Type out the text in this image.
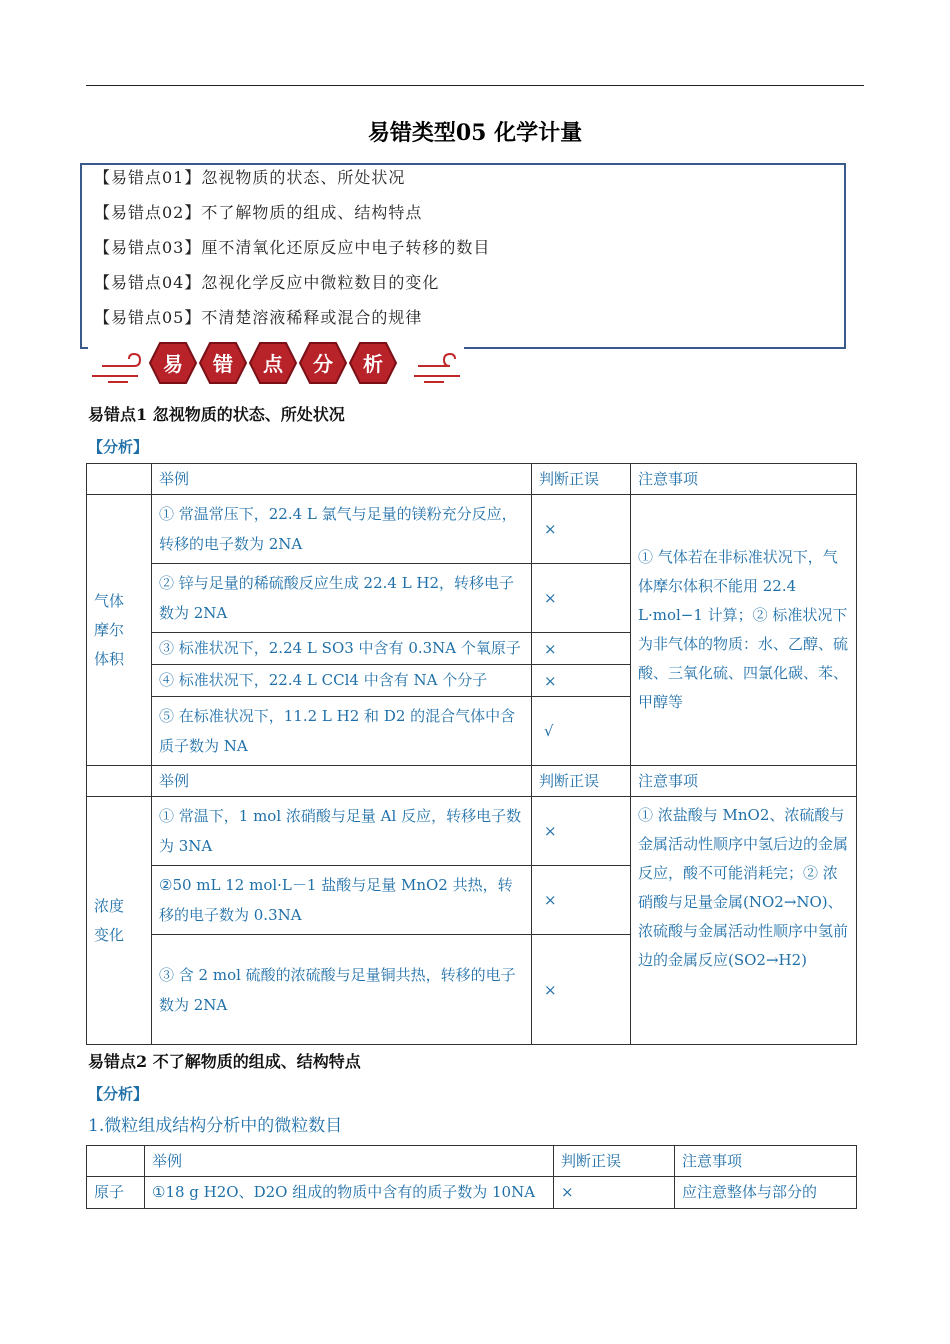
易错类型05 化学计量
【易错点01】忽视物质的状态、所处状况
【易错点02】不了解物质的组成、结构特点
【易错点03】厘不清氧化还原反应中电子转移的数目
【易错点04】忽视化学反应中微粒数目的变化
【易错点05】不清楚溶液稀释或混合的规律
易 错 点 分 析
易错点1 忽视物质的状态、所处状况
【分析】
	举例	判断正误	注意事项
气体摩尔体积	① 常温常压下，22.4 L 氯气与足量的镁粉充分反应，转移的电子数为 2NA	×	① 气体若在非标准状况下，气体摩尔体积不能用 22.4 L·mol−1 计算；② 标准状况下为非气体的物质：水、乙醇、硫酸、三氧化硫、四氯化碳、苯、甲醇等
	② 锌与足量的稀硫酸反应生成 22.4 L H2，转移电子数为 2NA	×	
	③ 标准状况下，2.24 L SO3 中含有 0.3NA 个氧原子	×	
	④ 标准状况下，22.4 L CCl4 中含有 NA 个分子	×	
	⑤ 在标准状况下，11.2 L H2 和 D2 的混合气体中含质子数为 NA	√	
	举例	判断正误	注意事项
浓度变化	① 常温下，1 mol 浓硝酸与足量 Al 反应，转移电子数为 3NA	×	① 浓盐酸与 MnO2、浓硫酸与金属活动性顺序中氢后边的金属反应，酸不可能消耗完；② 浓硝酸与足量金属(NO2→NO)、浓硫酸与金属活动性顺序中氢前边的金属反应(SO2→H2)
	②50 mL 12 mol·L－1 盐酸与足量 MnO2 共热，转移的电子数为 0.3NA	×	
	③ 含 2 mol 硫酸的浓硫酸与足量铜共热，转移的电子数为 2NA	×	
易错点2 不了解物质的组成、结构特点
【分析】
1.微粒组成结构分析中的微粒数目
	举例	判断正误	注意事项
原子	①18 g H2O、D2O 组成的物质中含有的质子数为 10NA	×	应注意整体与部分的
